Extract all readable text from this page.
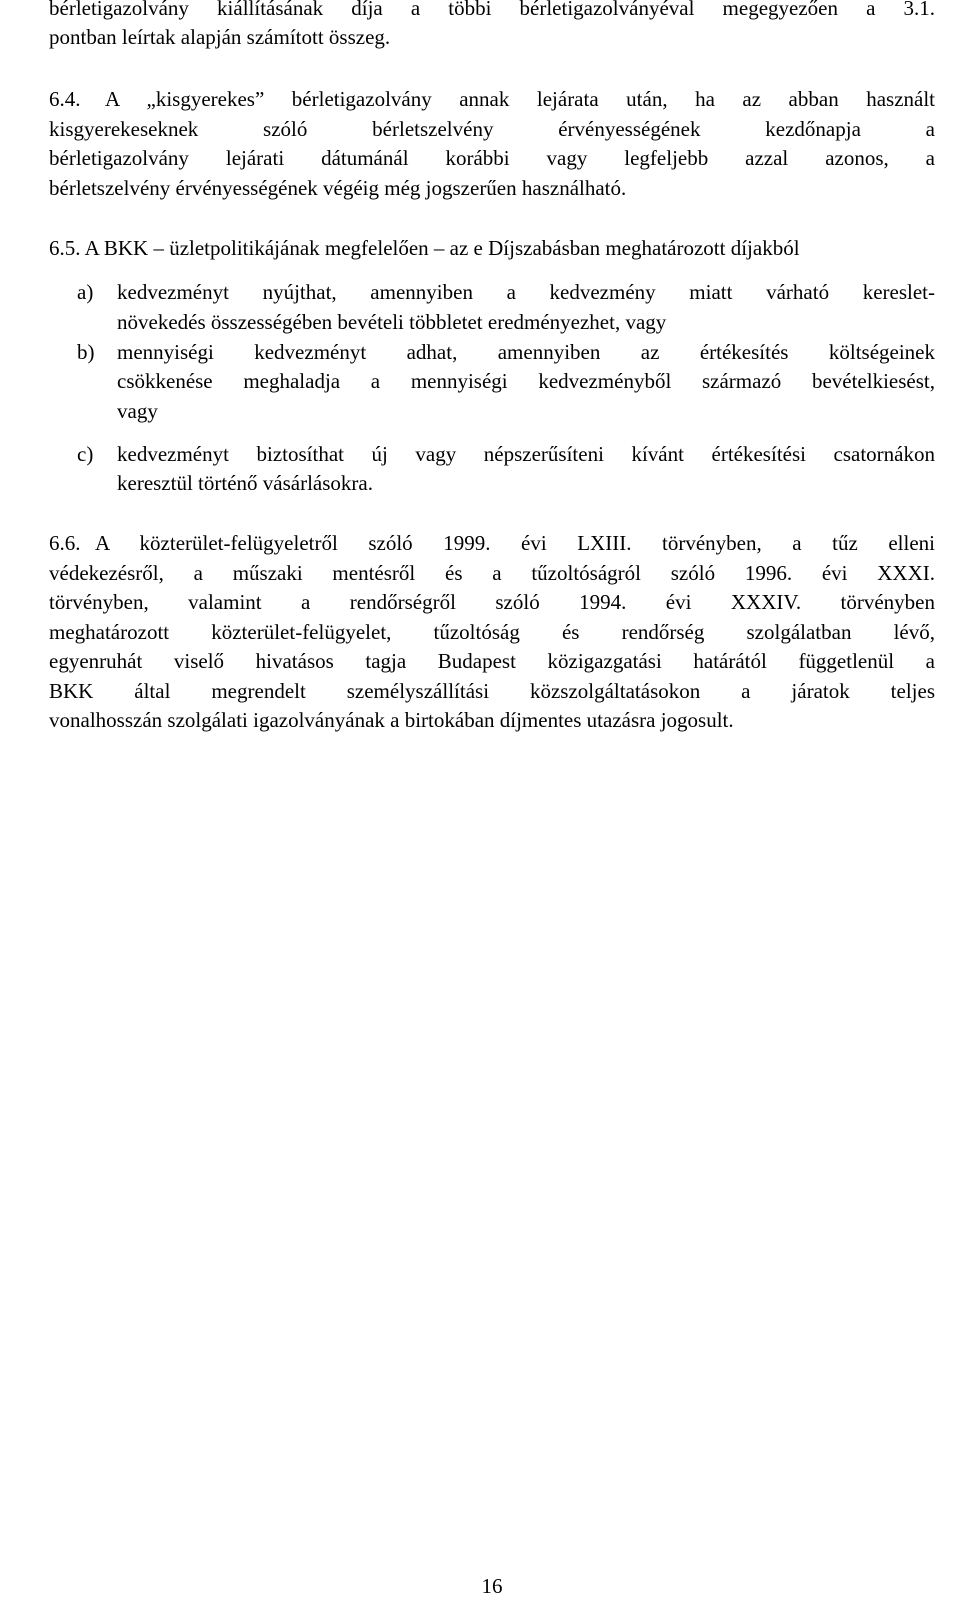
bérletigazolvány kiállításának díja a többi bérletigazolványéval megegyezően a 3.1.
pontban leírtak alapján számított összeg.
6.4.	A „kisgyerekes” bérletigazolvány annak lejárata után, ha az abban használt
kisgyerekeseknek szóló bérletszelvény érvényességének kezdőnapja a
bérletigazolvány lejárati dátumánál korábbi vagy legfeljebb azzal azonos, a
bérletszelvény érvényességének végéig még jogszerűen használható.
6.5. A BKK – üzletpolitikájának megfelelően – az e Díjszabásban meghatározott díjakból
a)	kedvezményt nyújthat, amennyiben a kedvezmény miatt várható kereslet-
növekedés összességében bevételi többletet eredményezhet, vagy
b)	mennyiségi kedvezményt adhat, amennyiben az értékesítés költségeinek
csökkenése meghaladja a mennyiségi kedvezményből származó bevételkiesést,
vagy
c)	kedvezményt biztosíthat új vagy népszerűsíteni kívánt értékesítési csatornákon
keresztül történő vásárlásokra.
6.6. A közterület-felügyeletről szóló 1999. évi LXIII. törvényben, a tűz elleni
védekezésről, a műszaki mentésről és a tűzoltóságról szóló 1996. évi XXXI.
törvényben, valamint a rendőrségről szóló 1994. évi XXXIV. törvényben
meghatározott közterület-felügyelet, tűzoltóság és rendőrség szolgálatban lévő,
egyenruhát viselő hivatásos tagja Budapest közigazgatási határától függetlenül a
BKK által megrendelt személyszállítási közszolgáltatásokon a járatok teljes
vonalhosszán szolgálati igazolványának a birtokában díjmentes utazásra jogosult.
16
